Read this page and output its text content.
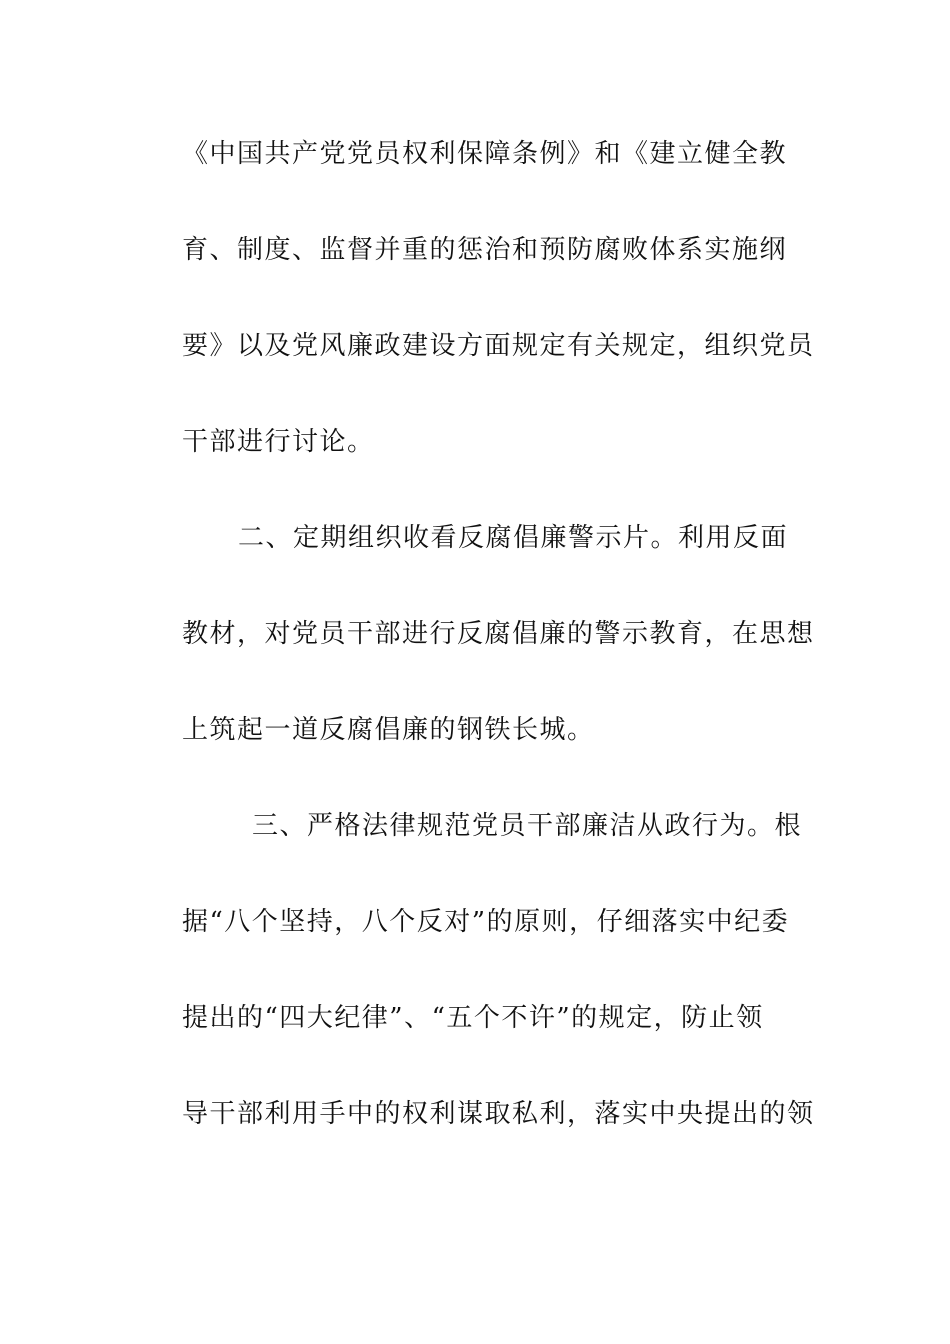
《中国共产党党员权利保障条例》和《建立健全教
育、制度、监督并重的惩治和预防腐败体系实施纲
要》以及党风廉政建设方面规定有关规定，组织党员
干部进行讨论。
二、定期组织收看反腐倡廉警示片。利用反面
教材，对党员干部进行反腐倡廉的警示教育，在思想
上筑起一道反腐倡廉的钢铁长城。
三、严格法律规范党员干部廉洁从政行为。根
据“八个坚持，八个反对”的原则，仔细落实中纪委
提出的“四大纪律”、“五个不许”的规定，防止领
导干部利用手中的权利谋取私利，落实中央提出的领
